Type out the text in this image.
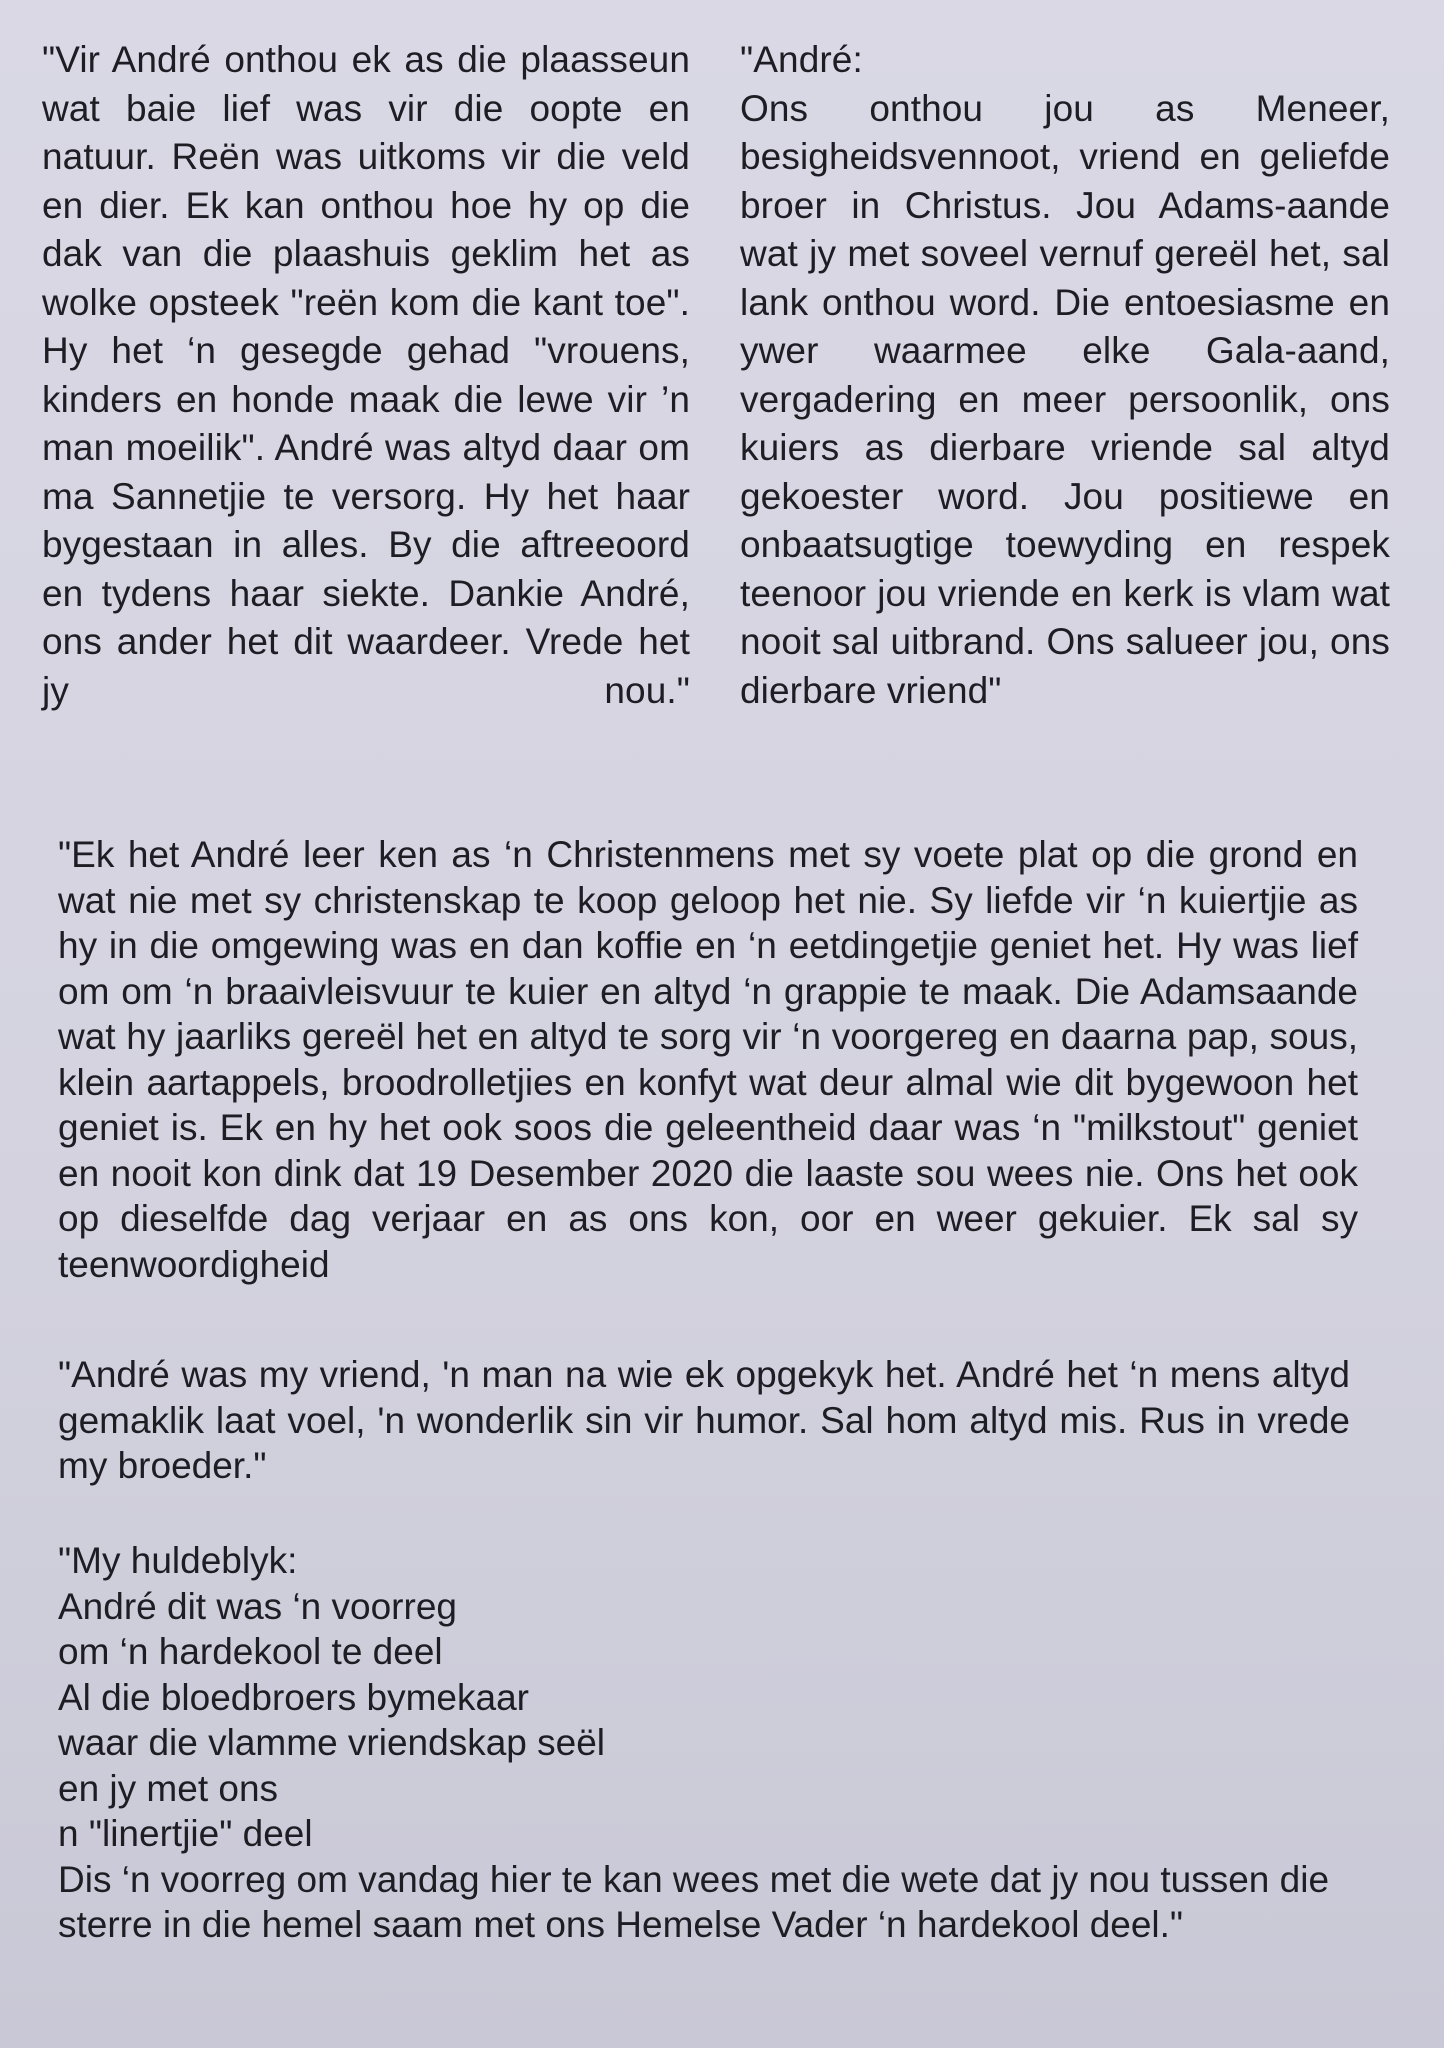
"Vir André onthou ek as die plaasseun wat baie lief was vir die oopte en natuur. Reën was uitkoms vir die veld en dier. Ek kan onthou hoe hy op die dak van die plaashuis geklim het as wolke opsteek "reën kom die kant toe". Hy het ‘n gesegde gehad "vrouens, kinders en honde maak die lewe vir ’n man moeilik". André was altyd daar om ma Sannetjie te versorg. Hy het haar bygestaan in alles. By die aftreeoord en tydens haar siekte. Dankie André, ons ander het dit waardeer. Vrede het jy nou."
"André:
Ons onthou jou as Meneer, besigheidsvennoot, vriend en geliefde broer in Christus. Jou Adams-aande wat jy met soveel vernuf gereël het, sal lank onthou word. Die entoesiasme en ywer waarmee elke Gala-aand, vergadering en meer persoonlik, ons kuiers as dierbare vriende sal altyd gekoester word. Jou positiewe en onbaatsugtige toewyding en respek teenoor jou vriende en kerk is vlam wat nooit sal uitbrand. Ons salueer jou, ons dierbare vriend"
"Ek het André leer ken as ‘n Christenmens met sy voete plat op die grond en wat nie met sy christenskap te koop geloop het nie. Sy liefde vir ‘n kuiertjie as hy in die omgewing was en dan koffie en ‘n eetdingetjie geniet het. Hy was lief om om ‘n braaivleisvuur te kuier en altyd ‘n grappie te maak. Die Adamsaande wat hy jaarliks gereël het en altyd te sorg vir ‘n voorgereg en daarna pap, sous, klein aartappels, broodrolletjies en konfyt wat deur almal wie dit bygewoon het geniet is. Ek en hy het ook soos die geleentheid daar was ‘n "milkstout" geniet en nooit kon dink dat 19 Desember 2020 die laaste sou wees nie. Ons het ook op dieselfde dag verjaar en as ons kon, oor en weer gekuier. Ek sal sy teenwoordigheid
"André was my vriend, 'n man na wie ek opgekyk het. André het ‘n mens altyd gemaklik laat voel, 'n wonderlik sin vir humor. Sal hom altyd mis. Rus in vrede my broeder."
"My huldeblyk:
André dit was ‘n voorreg
om ‘n hardekool te deel
Al die bloedbroers bymekaar
waar die vlamme vriendskap seël
en jy met ons
n "linertjie" deel
Dis ‘n voorreg om vandag hier te kan wees met die wete dat jy nou tussen die sterre in die hemel saam met ons Hemelse Vader ‘n hardekool deel."
